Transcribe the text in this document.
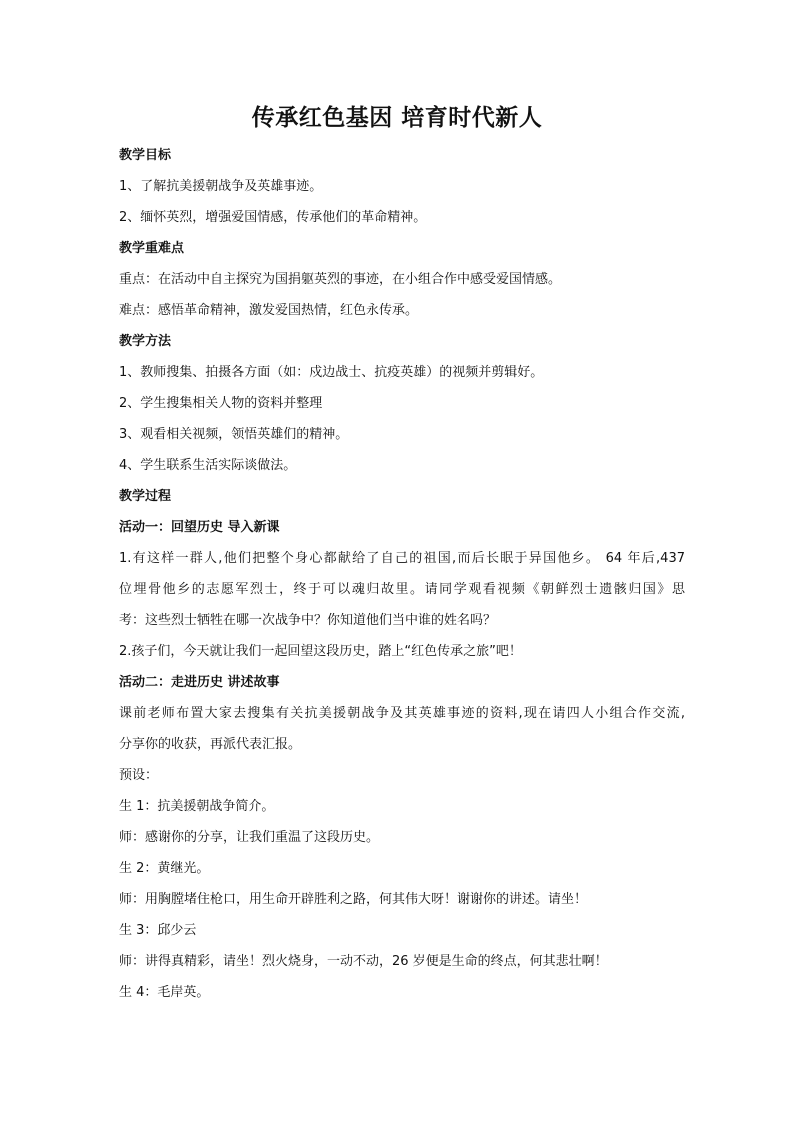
传承红色基因 培育时代新人
教学目标
1、了解抗美援朝战争及英雄事迹。
2、缅怀英烈，增强爱国情感，传承他们的革命精神。
教学重难点
重点：在活动中自主探究为国捐躯英烈的事迹，在小组合作中感受爱国情感。
难点：感悟革命精神，激发爱国热情，红色永传承。
教学方法
1、教师搜集、拍摄各方面（如：戍边战士、抗疫英雄）的视频并剪辑好。
2、学生搜集相关人物的资料并整理
3、观看相关视频，领悟英雄们的精神。
4、学生联系生活实际谈做法。
教学过程
活动一：回望历史 导入新课
1.有这样一群人,他们把整个身心都献给了自己的祖国,而后长眠于异国他乡。 64 年后,437
位埋骨他乡的志愿军烈士，终于可以魂归故里。请同学观看视频《朝鲜烈士遗骸归国》思
考：这些烈士牺牲在哪一次战争中？你知道他们当中谁的姓名吗？
2.孩子们，今天就让我们一起回望这段历史，踏上“红色传承之旅”吧！
活动二：走进历史 讲述故事
课前老师布置大家去搜集有关抗美援朝战争及其英雄事迹的资料,现在请四人小组合作交流,
分享你的收获，再派代表汇报。
预设：
生 1：抗美援朝战争简介。
师：感谢你的分享，让我们重温了这段历史。
生 2：黄继光。
师：用胸膛堵住枪口，用生命开辟胜利之路，何其伟大呀！谢谢你的讲述。请坐！
生 3：邱少云
师：讲得真精彩，请坐！烈火烧身，一动不动，26 岁便是生命的终点，何其悲壮啊！
生 4：毛岸英。
